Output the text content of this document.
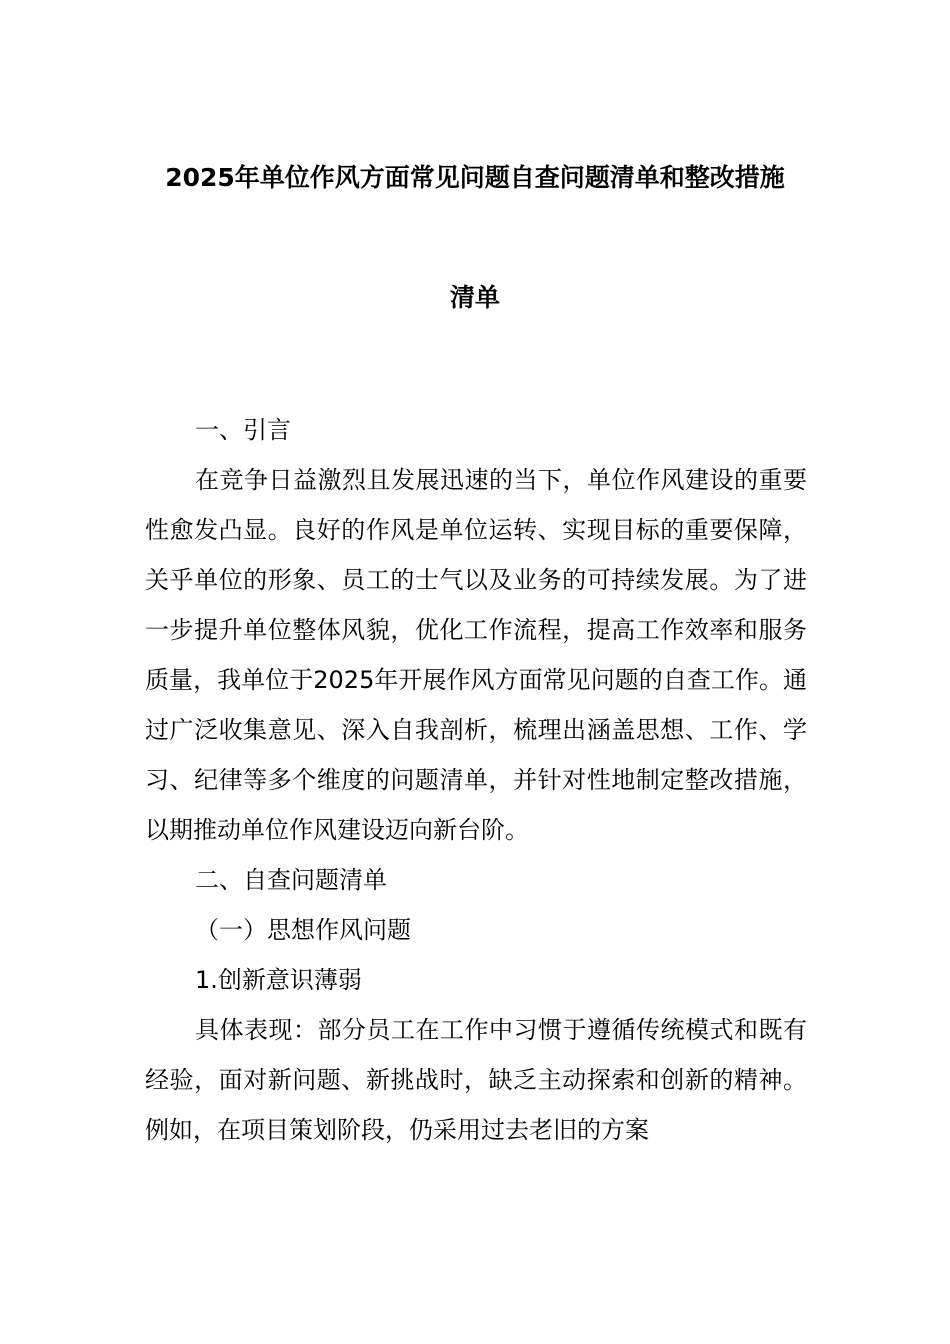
2025年单位作风方面常见问题自查问题清单和整改措施
清单

一、引言

在竞争日益激烈且发展迅速的当下，单位作风建设的重要性愈发凸显。良好的作风是单位运转、实现目标的重要保障，关乎单位的形象、员工的士气以及业务的可持续发展。为了进一步提升单位整体风貌，优化工作流程，提高工作效率和服务质量，我单位于2025年开展作风方面常见问题的自查工作。通过广泛收集意见、深入自我剖析，梳理出涵盖思想、工作、学习、纪律等多个维度的问题清单，并针对性地制定整改措施，以期推动单位作风建设迈向新台阶。

二、自查问题清单

（一）思想作风问题

1.创新意识薄弱

具体表现：部分员工在工作中习惯于遵循传统模式和既有经验，面对新问题、新挑战时，缺乏主动探索和创新的精神。例如，在项目策划阶段，仍采用过去老旧的方案
